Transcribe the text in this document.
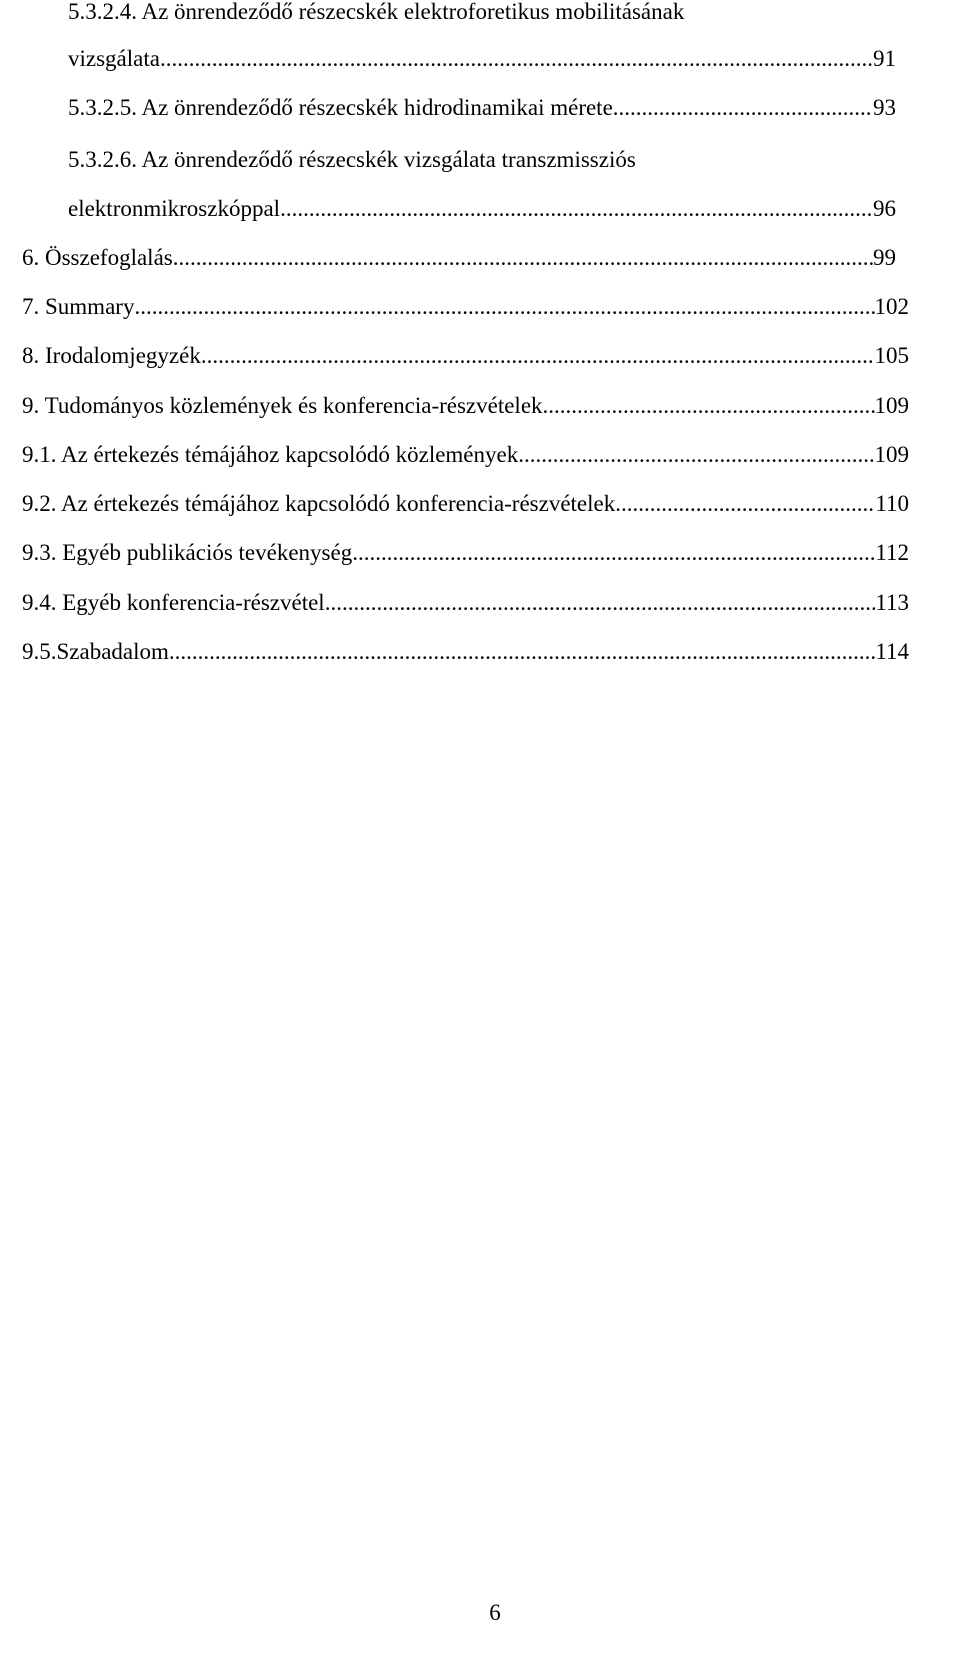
5.3.2.4. Az önrendeződő részecskék elektroforetikus mobilitásának
vizsgálata .....	91
5.3.2.5. Az önrendeződő részecskék hidrodinamikai mérete .....	93
5.3.2.6. Az önrendeződő részecskék vizsgálata transzmissziós
elektronmikroszkóppal .....	96
6. Összefoglalás .....	99
7. Summary .....	102
8. Irodalomjegyzék .....	105
9. Tudományos közlemények és konferencia-részvételek .....	109
9.1. Az értekezés témájához kapcsolódó közlemények .....	109
9.2. Az értekezés témájához kapcsolódó konferencia-részvételek .....	110
9.3. Egyéb publikációs tevékenység .....	112
9.4. Egyéb konferencia-részvétel .....	113
9.5.Szabadalom .....	114
6
